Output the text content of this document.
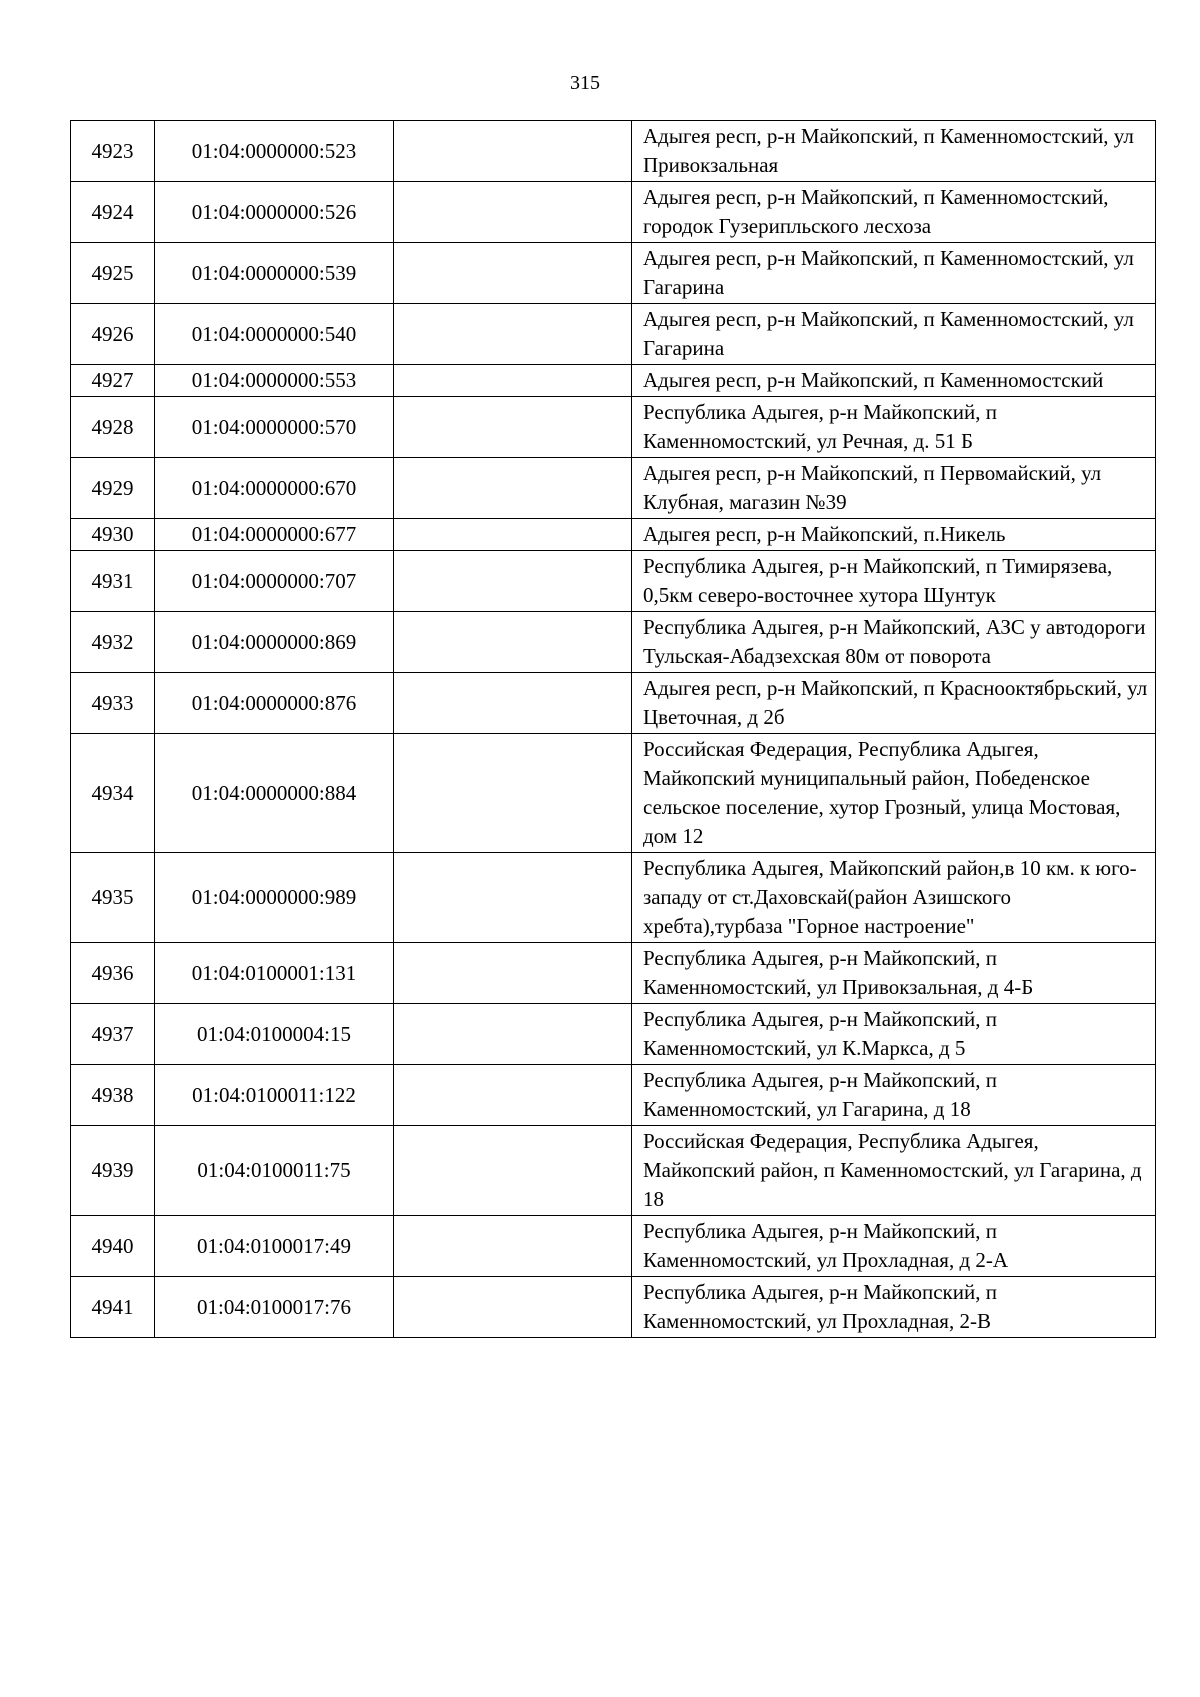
315
4923	01:04:0000000:523		Адыгея респ, р-н Майкопский, п Каменномостский, ул Привокзальная
4924	01:04:0000000:526		Адыгея респ, р-н Майкопский, п Каменномостский, городок Гузерипльского лесхоза
4925	01:04:0000000:539		Адыгея респ, р-н Майкопский, п Каменномостский, ул Гагарина
4926	01:04:0000000:540		Адыгея респ, р-н Майкопский, п Каменномостский, ул Гагарина
4927	01:04:0000000:553		Адыгея респ, р-н Майкопский, п Каменномостский
4928	01:04:0000000:570		Республика Адыгея, р-н Майкопский, п Каменномостский, ул Речная, д. 51 Б
4929	01:04:0000000:670		Адыгея респ, р-н Майкопский, п Первомайский, ул Клубная, магазин №39
4930	01:04:0000000:677		Адыгея респ, р-н Майкопский, п.Никель
4931	01:04:0000000:707		Республика Адыгея, р-н Майкопский, п Тимирязева, 0,5км северо-восточнее хутора Шунтук
4932	01:04:0000000:869		Республика Адыгея, р-н Майкопский, АЗС у автодороги Тульская-Абадзехская 80м от поворота
4933	01:04:0000000:876		Адыгея респ, р-н Майкопский, п Краснооктябрьский, ул Цветочная, д 2б
4934	01:04:0000000:884		Российская Федерация, Республика Адыгея, Майкопский муниципальный район, Победенское сельское поселение, хутор Грозный, улица Мостовая, дом 12
4935	01:04:0000000:989		Республика Адыгея, Майкопский район,в 10 км. к юго-западу от ст.Даховскай(район Азишского хребта),турбаза "Горное настроение"
4936	01:04:0100001:131		Республика Адыгея, р-н Майкопский, п Каменномостский, ул Привокзальная, д 4-Б
4937	01:04:0100004:15		Республика Адыгея, р-н Майкопский, п Каменномостский, ул К.Маркса, д 5
4938	01:04:0100011:122		Республика Адыгея, р-н Майкопский, п Каменномостский, ул Гагарина, д 18
4939	01:04:0100011:75		Российская Федерация, Республика Адыгея, Майкопский район, п Каменномостский, ул Гагарина, д 18
4940	01:04:0100017:49		Республика Адыгея, р-н Майкопский, п Каменномостский, ул Прохладная, д 2-А
4941	01:04:0100017:76		Республика Адыгея, р-н Майкопский, п Каменномостский, ул Прохладная, 2-В
